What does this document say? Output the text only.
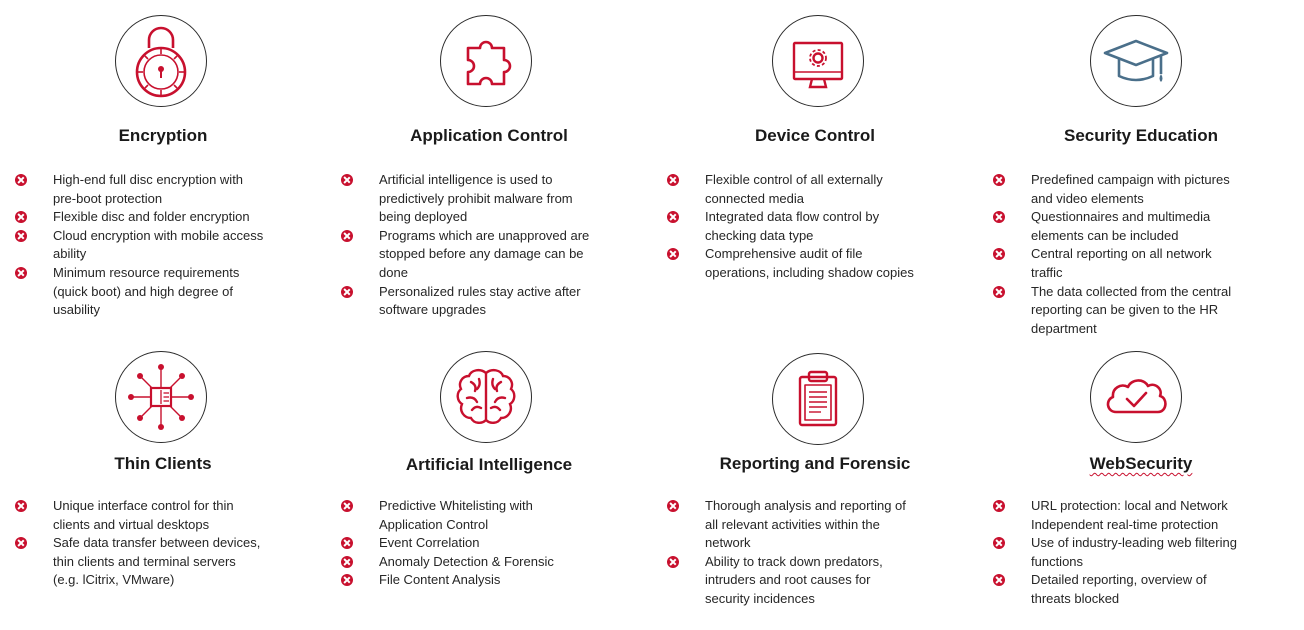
Encryption
High-end full disc encryption with pre-boot protection
Flexible disc and folder encryption
Cloud encryption with mobile access ability
Minimum resource requirements (quick boot) and high degree of usability
Application Control
Artificial intelligence is used to predictively prohibit malware from being deployed
Programs which are unapproved are stopped before any damage can be done
Personalized rules stay active after software upgrades
Device Control
Flexible control of all externally connected media
Integrated data flow control by checking data type
Comprehensive audit of file operations, including shadow copies
Security Education
Predefined campaign with pictures and video elements
Questionnaires and multimedia elements can be included
Central reporting on all network traffic
The data collected from the central reporting can be given to the HR department
Thin Clients
Unique interface control for thin clients and virtual desktops
Safe data transfer between devices, thin clients and terminal servers (e.g. lCitrix, VMware)
Artificial Intelligence
Predictive Whitelisting with Application Control
Event Correlation
Anomaly Detection & Forensic
File Content Analysis
Reporting and Forensic
Thorough analysis and reporting of all relevant activities within the network
Ability to track down predators, intruders and root causes for security incidences
WebSecurity
URL protection: local and Network Independent real-time protection
Use of industry-leading web filtering functions
Detailed reporting, overview of threats blocked
